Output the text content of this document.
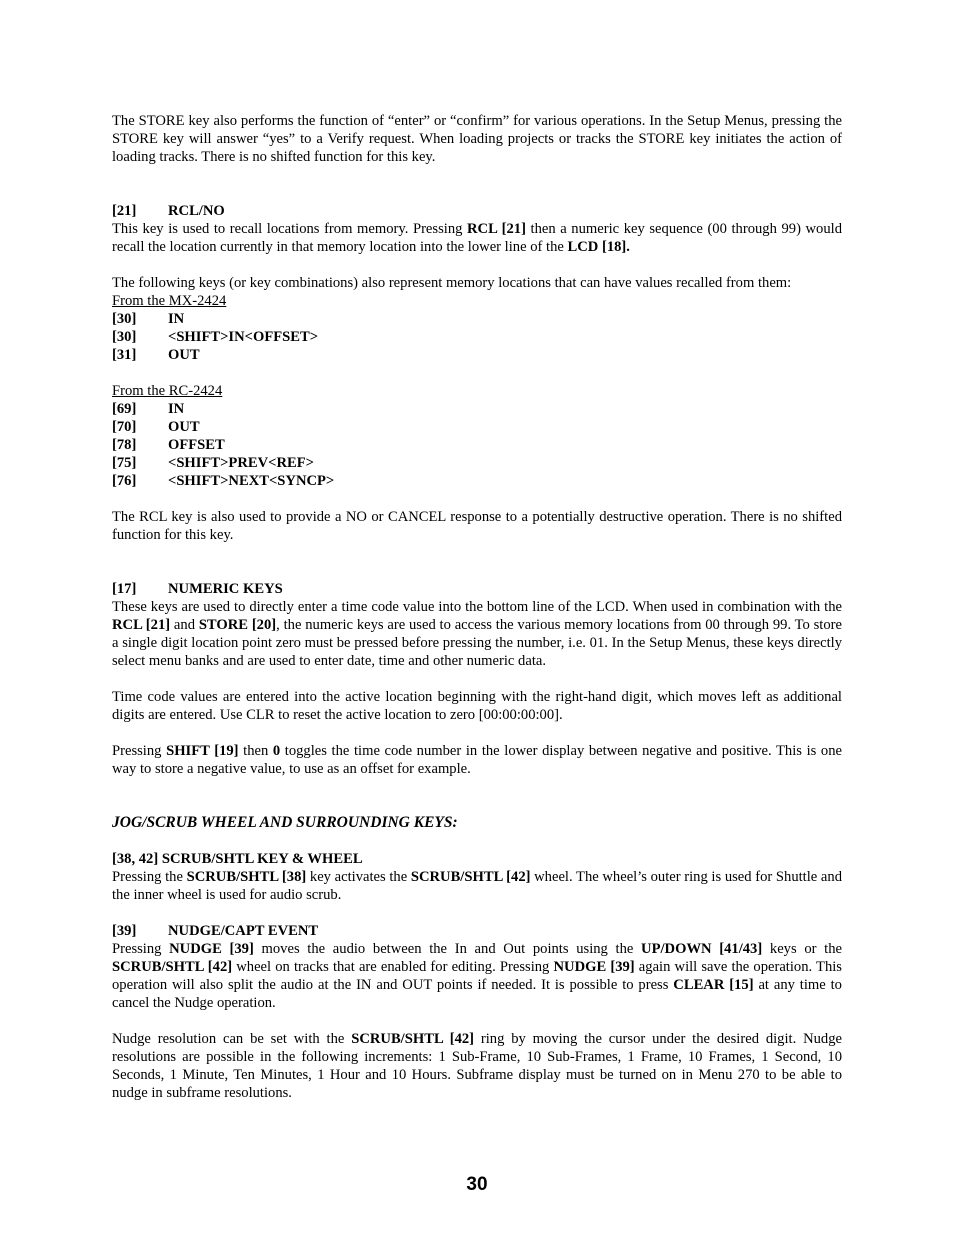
The STORE key also performs the function of “enter” or “confirm” for various operations. In the Setup Menus, pressing the STORE key will answer “yes” to a Verify request. When loading projects or tracks the STORE key initiates the action of loading tracks. There is no shifted function for this key.

[21]	RCL/NO

This key is used to recall locations from memory. Pressing RCL [21] then a numeric key sequence (00 through 99) would recall the location currently in that memory location into the lower line of the LCD [18].

The following keys (or key combinations) also represent memory locations that can have values recalled from them:

From the MX-2424
[30]	IN
[30]	<SHIFT>IN<OFFSET>
[31]	OUT
From the RC-2424
[69]	IN
[70]	OUT
[78]	OFFSET
[75]	<SHIFT>PREV<REF>
[76]	<SHIFT>NEXT<SYNCP>

The RCL key is also used to provide a NO or CANCEL response to a potentially destructive operation. There is no shifted function for this key.

[17]	NUMERIC KEYS

These keys are used to directly enter a time code value into the bottom line of the LCD. When used in combination with the RCL [21] and STORE [20], the numeric keys are used to access the various memory locations from 00 through 99. To store a single digit location point zero must be pressed before pressing the number, i.e. 01. In the Setup Menus, these keys directly select menu banks and are used to enter date, time and other numeric data.

Time code values are entered into the active location beginning with the right-hand digit, which moves left as additional digits are entered. Use CLR to reset the active location to zero [00:00:00:00].

Pressing SHIFT [19] then 0 toggles the time code number in the lower display between negative and positive. This is one way to store a negative value, to use as an offset for example.

JOG/SCRUB WHEEL AND SURROUNDING KEYS:
[38, 42] SCRUB/SHTL KEY & WHEEL

Pressing the SCRUB/SHTL [38] key activates the SCRUB/SHTL [42] wheel. The wheel’s outer ring is used for Shuttle and the inner wheel is used for audio scrub.

[39]	NUDGE/CAPT EVENT

Pressing NUDGE [39] moves the audio between the In and Out points using the UP/DOWN [41/43] keys or the SCRUB/SHTL [42] wheel on tracks that are enabled for editing. Pressing NUDGE [39] again will save the operation. This operation will also split the audio at the IN and OUT points if needed. It is possible to press CLEAR [15] at any time to cancel the Nudge operation.

Nudge resolution can be set with the SCRUB/SHTL [42] ring by moving the cursor under the desired digit. Nudge resolutions are possible in the following increments: 1 Sub-Frame, 10 Sub-Frames, 1 Frame, 10 Frames, 1 Second, 10 Seconds, 1 Minute, Ten Minutes, 1 Hour and 10 Hours. Subframe display must be turned on in Menu 270 to be able to nudge in subframe resolutions.

30
